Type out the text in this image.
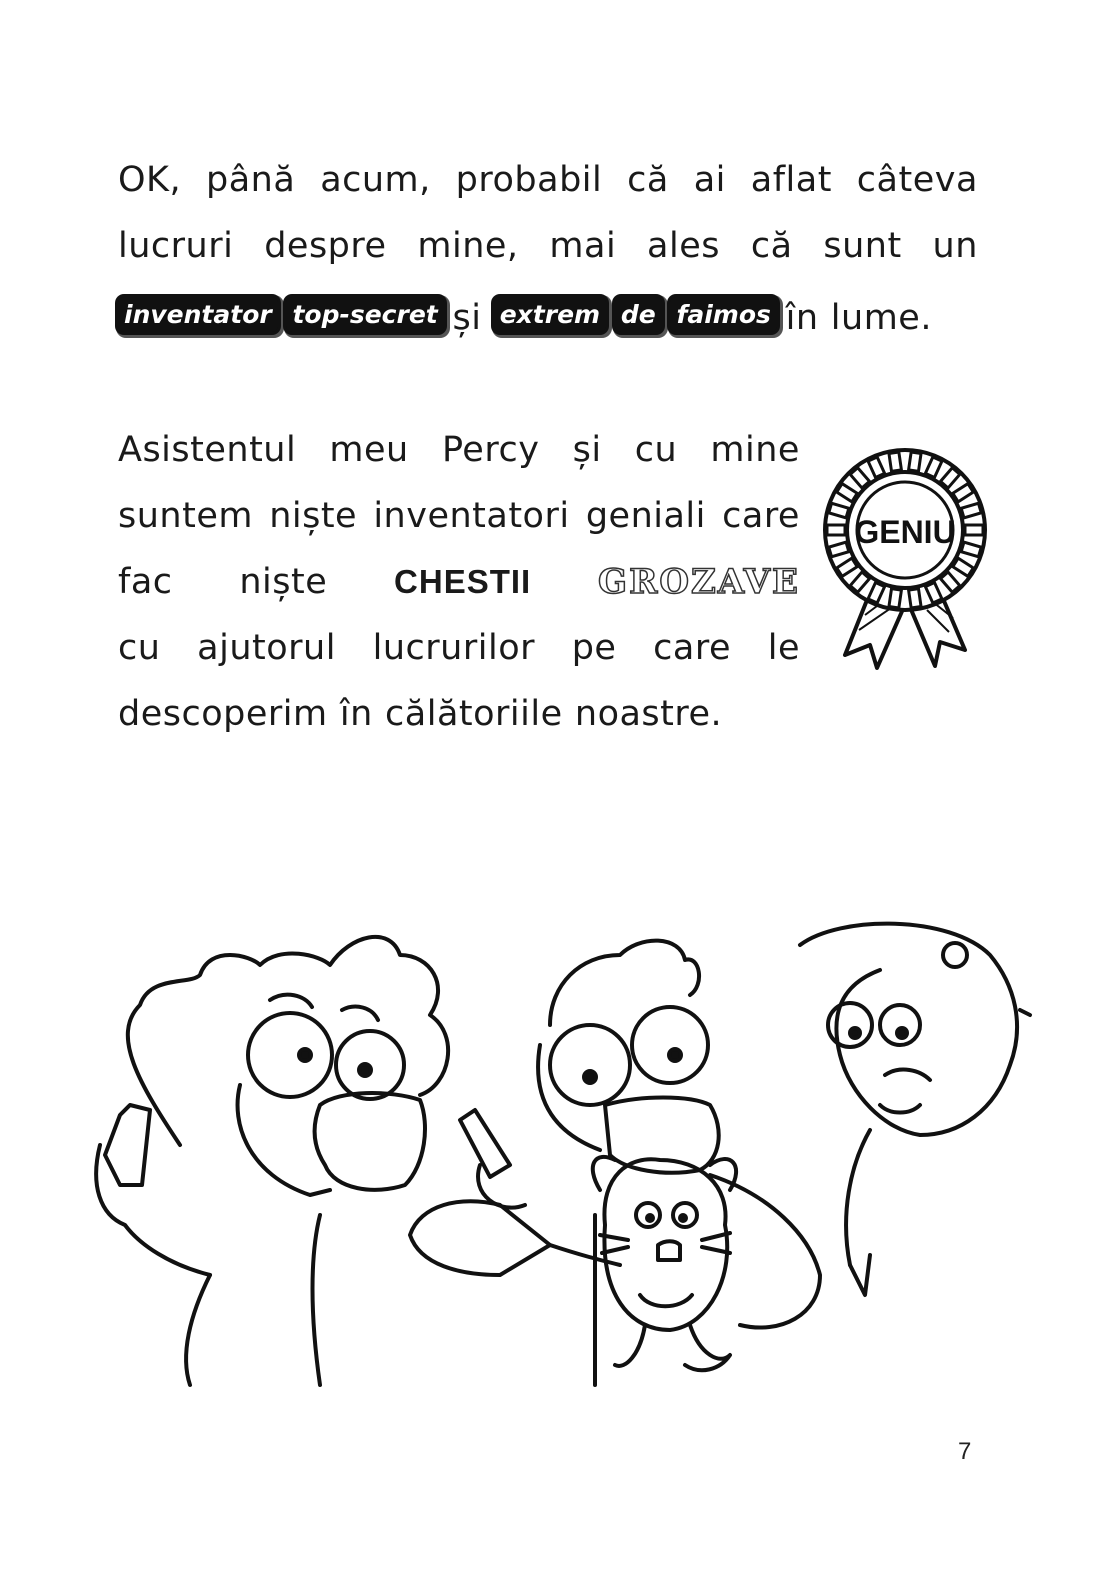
OK, până acum, probabil că ai aflat câteva
lucruri despre mine, mai ales că sunt un
inventator top-secret și extrem de faimos în lume.
Asistentul meu Percy și cu mine
suntem niște inventatori geniali care
fac niște CHESTII GROZAVE
cu ajutorul lucrurilor pe care le
descoperim în călătoriile noastre.
GENIU
7
